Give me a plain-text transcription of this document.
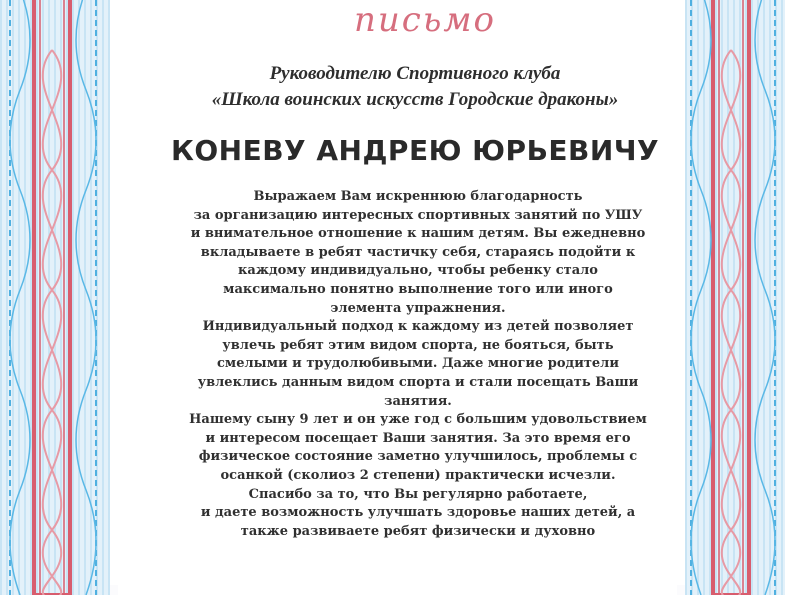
письмо
Руководителю Спортивного клуба
«Школа воинских искусств Городские драконы»
КОНЕВУ АНДРЕЮ ЮРЬЕВИЧУ
Выражаем Вам искреннюю благодарность
за организацию интересных спортивных занятий по УШУ
и внимательное отношение к нашим детям. Вы ежедневно
вкладываете в ребят частичку себя, стараясь подойти к
каждому индивидуально, чтобы ребенку стало
максимально понятно выполнение того или иного
элемента упражнения.
Индивидуальный подход к каждому из детей позволяет
увлечь ребят этим видом спорта, не бояться, быть
смелыми и трудолюбивыми. Даже многие родители
увлеклись данным видом спорта и стали посещать Ваши
занятия.
Нашему сыну 9 лет и он уже год с большим удовольствием
и интересом посещает Ваши занятия. За это время его
физическое состояние заметно улучшилось, проблемы с
осанкой (сколиоз 2 степени) практически исчезли.
Спасибо за то, что Вы регулярно работаете,
и даете возможность улучшать здоровье наших детей, а
также развиваете ребят физически и духовно
